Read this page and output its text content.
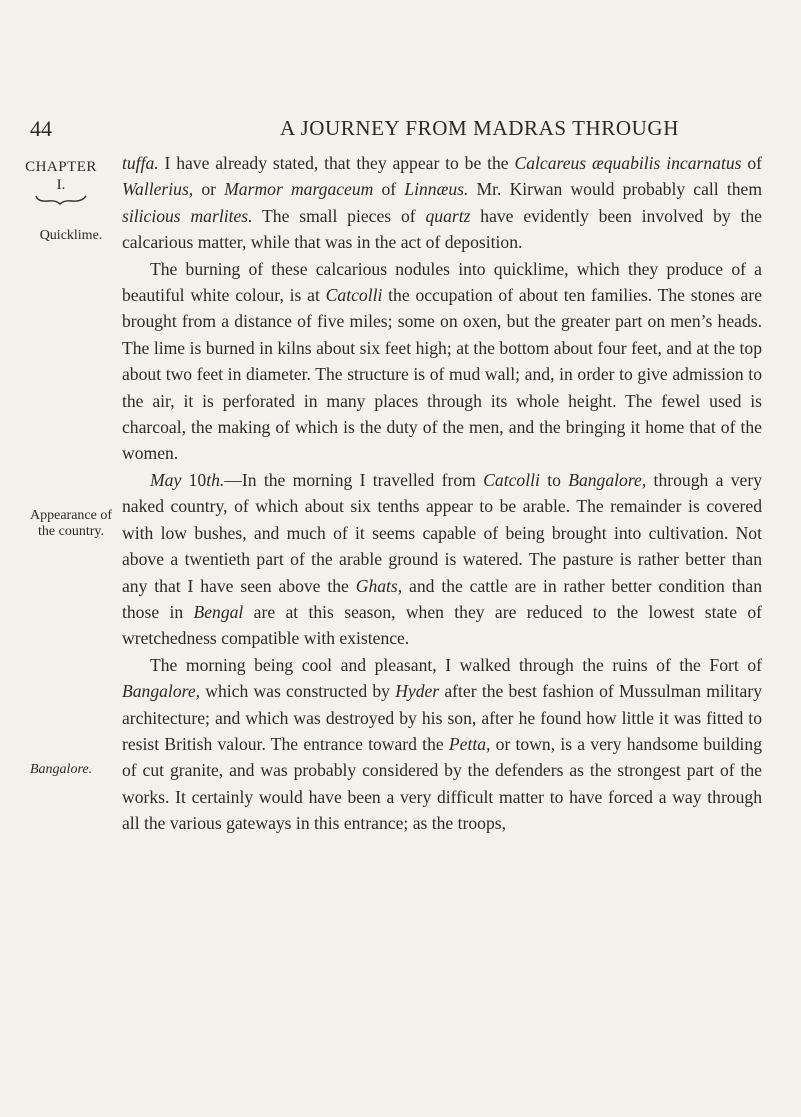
44	A JOURNEY FROM MADRAS THROUGH
CHAPTER
I.
Quicklime.
Appearance of the country.
Bangalore.

tuffa. I have already stated, that they appear to be the Calcareus æquabilis incarnatus of Wallerius, or Marmor margaceum of Linnæus. Mr. Kirwan would probably call them silicious marlites. The small pieces of quartz have evidently been involved by the calcarious matter, while that was in the act of deposition.

The burning of these calcarious nodules into quicklime, which they produce of a beautiful white colour, is at Catcolli the occupation of about ten families. The stones are brought from a distance of five miles; some on oxen, but the greater part on men’s heads. The lime is burned in kilns about six feet high; at the bottom about four feet, and at the top about two feet in diameter. The structure is of mud wall; and, in order to give admission to the air, it is perforated in many places through its whole height. The fewel used is charcoal, the making of which is the duty of the men, and the bringing it home that of the women.

May 10th.—In the morning I travelled from Catcolli to Bangalore, through a very naked country, of which about six tenths appear to be arable. The remainder is covered with low bushes, and much of it seems capable of being brought into cultivation. Not above a twentieth part of the arable ground is watered. The pasture is rather better than any that I have seen above the Ghats, and the cattle are in rather better condition than those in Bengal are at this season, when they are reduced to the lowest state of wretchedness compatible with existence.

The morning being cool and pleasant, I walked through the ruins of the Fort of Bangalore, which was constructed by Hyder after the best fashion of Mussulman military architecture; and which was destroyed by his son, after he found how little it was fitted to resist British valour. The entrance toward the Petta, or town, is a very handsome building of cut granite, and was probably considered by the defenders as the strongest part of the works. It certainly would have been a very difficult matter to have forced a way through all the various gateways in this entrance; as the troops,
